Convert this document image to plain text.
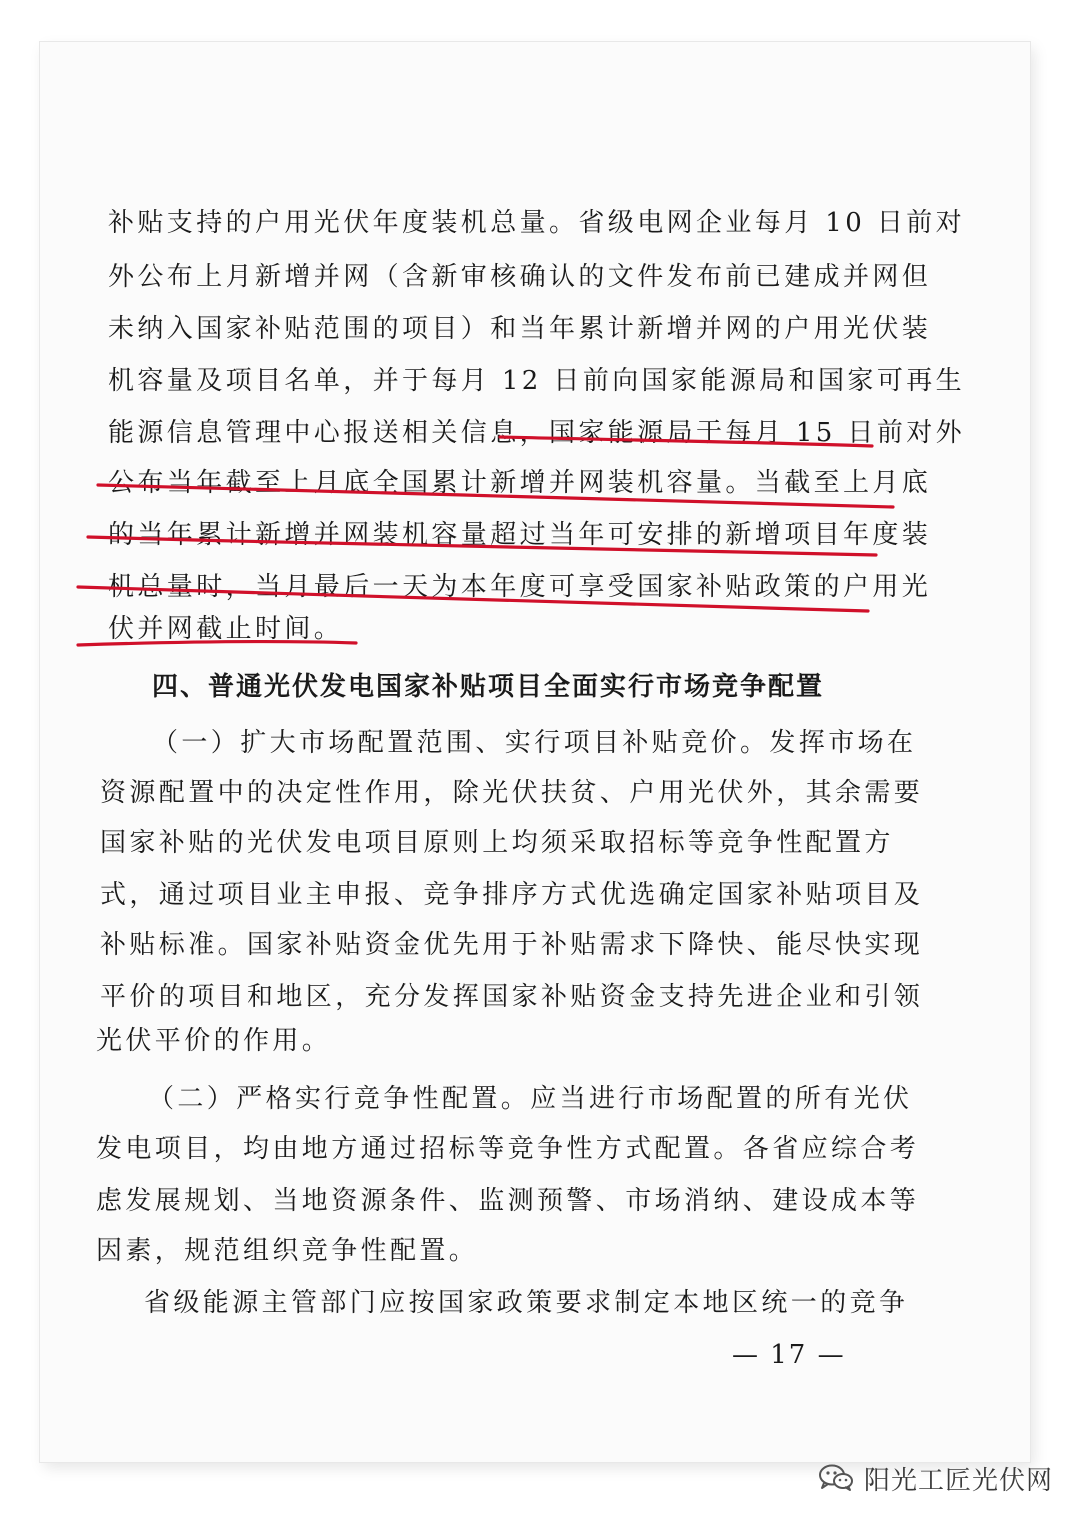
补贴支持的户用光伏年度装机总量。省级电网企业每月 10 日前对
外公布上月新增并网（含新审核确认的文件发布前已建成并网但
未纳入国家补贴范围的项目）和当年累计新增并网的户用光伏装
机容量及项目名单，并于每月 12 日前向国家能源局和国家可再生
能源信息管理中心报送相关信息，国家能源局于每月 15 日前对外
公布当年截至上月底全国累计新增并网装机容量。当截至上月底
的当年累计新增并网装机容量超过当年可安排的新增项目年度装
机总量时，当月最后一天为本年度可享受国家补贴政策的户用光
伏并网截止时间。
四、普通光伏发电国家补贴项目全面实行市场竞争配置
（一）扩大市场配置范围、实行项目补贴竞价。发挥市场在
资源配置中的决定性作用，除光伏扶贫、户用光伏外，其余需要
国家补贴的光伏发电项目原则上均须采取招标等竞争性配置方
式，通过项目业主申报、竞争排序方式优选确定国家补贴项目及
补贴标准。国家补贴资金优先用于补贴需求下降快、能尽快实现
平价的项目和地区，充分发挥国家补贴资金支持先进企业和引领
光伏平价的作用。
（二）严格实行竞争性配置。应当进行市场配置的所有光伏
发电项目，均由地方通过招标等竞争性方式配置。各省应综合考
虑发展规划、当地资源条件、监测预警、市场消纳、建设成本等
因素，规范组织竞争性配置。
省级能源主管部门应按国家政策要求制定本地区统一的竞争
— 17 —
阳光工匠光伏网
